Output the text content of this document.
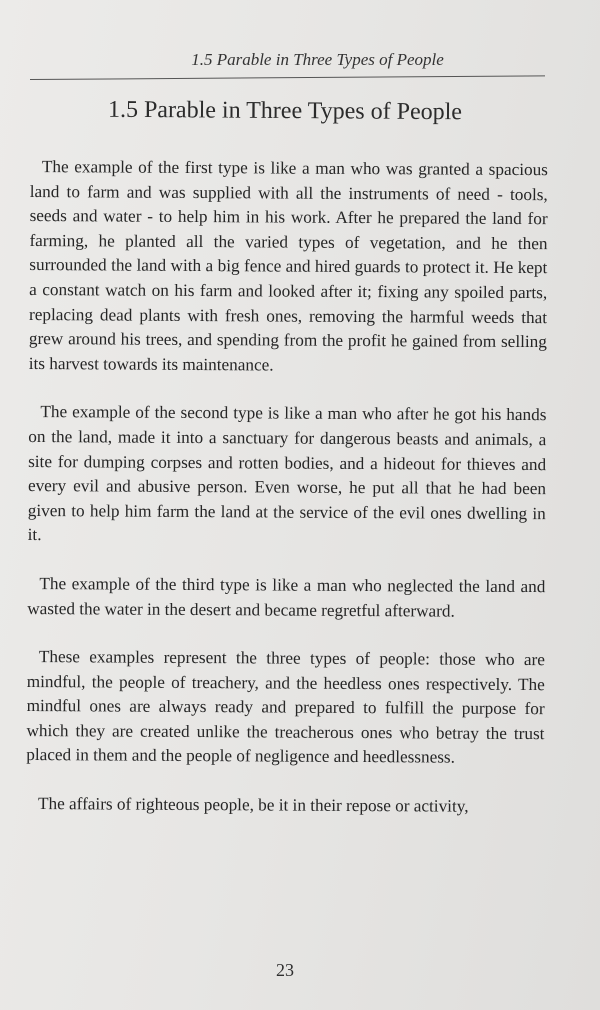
1.5 Parable in Three Types of People
1.5 Parable in Three Types of People

The example of the first type is like a man who was granted a spacious land to farm and was supplied with all the instruments of need - tools, seeds and water - to help him in his work. After he prepared the land for farming, he planted all the varied types of vegetation, and he then surrounded the land with a big fence and hired guards to protect it. He kept a constant watch on his farm and looked after it; fixing any spoiled parts, replacing dead plants with fresh ones, removing the harmful weeds that grew around his trees, and spending from the profit he gained from selling its harvest towards its maintenance.

The example of the second type is like a man who after he got his hands on the land, made it into a sanctuary for dangerous beasts and animals, a site for dumping corpses and rotten bodies, and a hideout for thieves and every evil and abusive person. Even worse, he put all that he had been given to help him farm the land at the service of the evil ones dwelling in it.

The example of the third type is like a man who neglected the land and wasted the water in the desert and became regretful afterward.

These examples represent the three types of people: those who are mindful, the people of treachery, and the heedless ones respectively. The mindful ones are always ready and prepared to fulfill the purpose for which they are created unlike the treacherous ones who betray the trust placed in them and the people of negligence and heedlessness.

The affairs of righteous people, be it in their repose or activity,

23
